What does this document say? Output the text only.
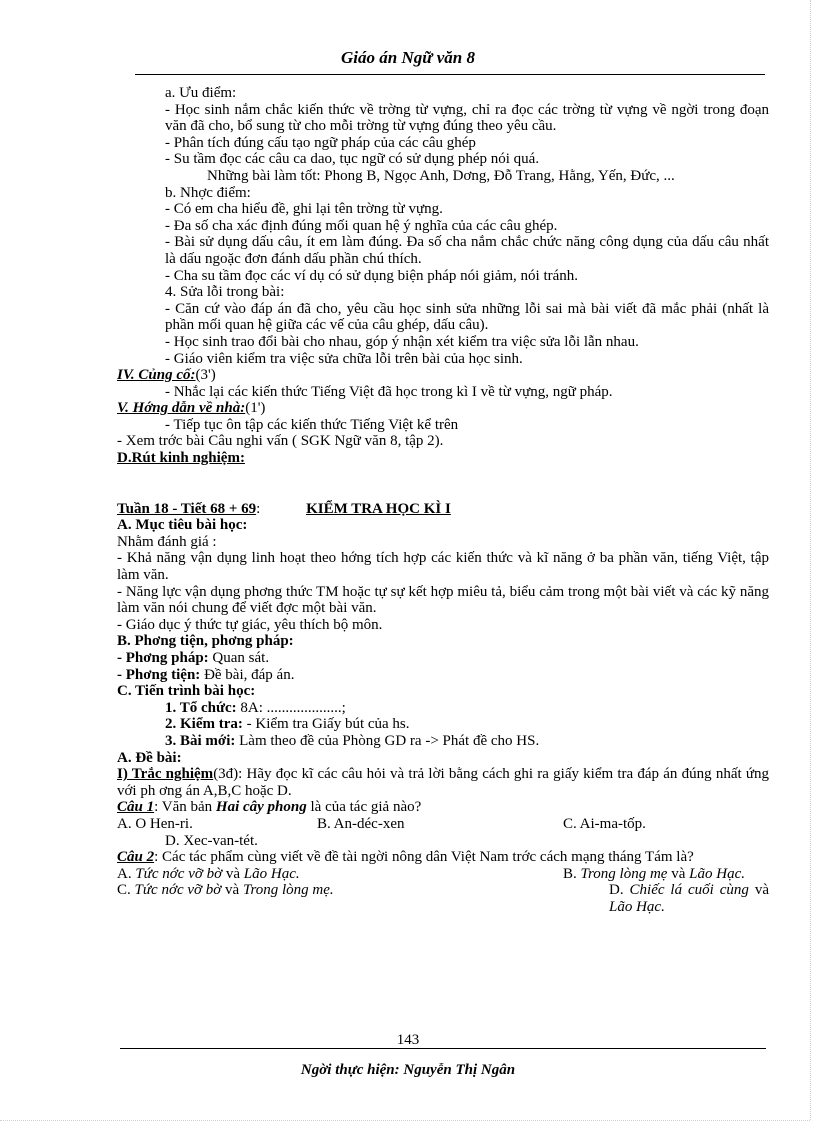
Giáo án Ngữ văn 8

a. Ưu điểm:

- Học sinh nắm chắc kiến thức về trờng từ vựng, chỉ ra đọc các trờng từ vựng về ngời trong đoạn văn đã cho, bổ sung từ cho mỗi trờng từ vựng đúng theo yêu cầu.

- Phân tích đúng cấu tạo ngữ pháp của các câu ghép

- Su tầm đọc các câu ca dao, tục ngữ có sử dụng phép nói quá.

Những bài làm tốt: Phong B, Ngọc Anh, Dơng, Đỗ Trang, Hằng, Yến, Đức, ...

b. Nhợc điểm:

- Có em cha hiểu đề, ghi lại tên trờng từ vựng.

- Đa số cha xác định đúng mối quan hệ ý nghĩa của các câu ghép.

- Bài sử dụng dấu câu, ít em làm đúng. Đa số cha nắm chắc chức năng công dụng của dấu câu nhất là dấu ngoặc đơn đánh dấu phần chú thích.

- Cha su tầm đọc các ví dụ có sử dụng biện pháp nói giảm, nói tránh.

4. Sửa lỗi trong bài:

- Căn cứ vào đáp án đã cho, yêu cầu học sinh sửa những lỗi sai mà bài viết đã mắc phải (nhất là phần mối quan hệ giữa các vế của câu ghép, dấu câu).

- Học sinh trao đổi bài cho nhau, góp ý nhận xét kiểm tra việc sửa lỗi lẫn nhau.

- Giáo viên kiểm tra việc sửa chữa lỗi trên bài của học sinh.

IV. Củng cố:(3')

- Nhắc lại các kiến thức Tiếng Việt đã học trong kì I về từ vựng, ngữ pháp.

V. Hớng dẫn về nhà:(1')

- Tiếp tục ôn tập các kiến thức Tiếng Việt kể trên

- Xem trớc bài Câu nghi vấn ( SGK Ngữ văn 8, tập 2).

D.Rút kinh nghiệm:

Tuần 18 - Tiết 68 + 69:	KIỂM TRA HỌC KÌ I

A. Mục tiêu bài học:

Nhằm đánh giá :

- Khả năng vận dụng linh hoạt theo hớng tích hợp các kiến thức và kĩ năng ở ba phần văn, tiếng Việt, tập làm văn.

- Năng lực vận dụng phơng thức TM hoặc tự sự kết hợp miêu tả, biểu cảm trong một bài viết và các kỹ năng làm văn nói chung để viết đợc một bài văn.

- Giáo dục ý thức tự giác, yêu thích bộ môn.

B. Phơng tiện, phơng pháp:

- Phơng pháp: Quan sát.

- Phơng tiện: Đề bài, đáp án.

C. Tiến trình bài học:

1. Tổ chức: 8A: ....................;

2. Kiểm tra: - Kiểm tra Giấy bút của hs.

3. Bài mới: Làm theo đề của Phòng GD ra -> Phát đề cho HS.

A. Đề bài:

I) Trắc nghiệm(3đ): Hãy đọc kĩ các câu hỏi và trả lời bằng cách ghi ra giấy kiểm tra đáp án đúng nhất ứng với ph ơng án A,B,C hoặc D.

Câu 1: Văn bản Hai cây phong là của tác giả nào?

A. O Hen-ri.	B. An-déc-xen	C. Ai-ma-tốp.

D. Xec-van-tét.

Câu 2: Các tác phẩm cùng viết về đề tài ngời nông dân Việt Nam trớc cách mạng tháng Tám là?

A. Tức nớc vỡ bờ và Lão Hạc.	B. Trong lòng mẹ và Lão Hạc.
C. Tức nớc vỡ bờ và Trong lòng mẹ.	D. Chiếc lá cuối cùng và Lão Hạc.
143
Ngời thực hiện: Nguyễn Thị Ngân
